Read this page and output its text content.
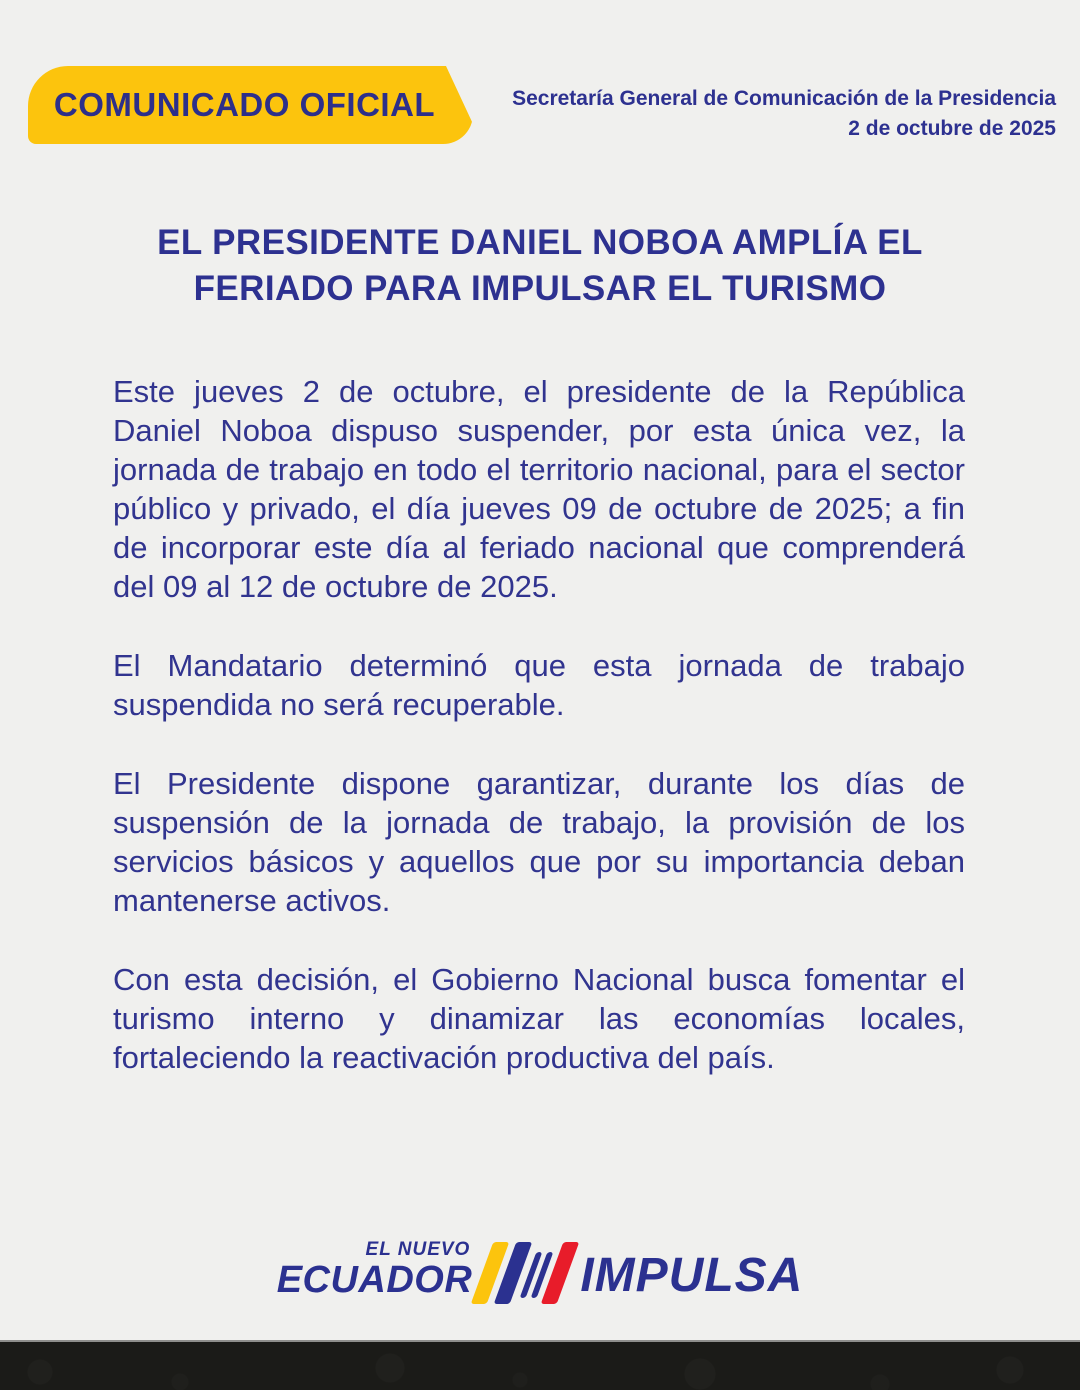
COMUNICADO OFICIAL	Secretaría General de Comunicación de la Presidencia
2 de octubre de 2025
EL PRESIDENTE DANIEL NOBOA AMPLÍA EL
FERIADO PARA IMPULSAR EL TURISMO

Este jueves 2 de octubre, el presidente de la República Daniel Noboa dispuso suspender, por esta única vez, la jornada de trabajo en todo el territorio nacional, para el sector público y privado, el día jueves 09 de octubre de 2025; a fin de incorporar este día al feriado nacional que comprenderá del 09 al 12 de octubre de 2025.

El Mandatario determinó que esta jornada de trabajo suspendida no será recuperable.

El Presidente dispone garantizar, durante los días de suspensión de la jornada de trabajo, la provisión de los servicios básicos y aquellos que por su importancia deban mantenerse activos.

Con esta decisión, el Gobierno Nacional busca fomentar el turismo interno y dinamizar las economías locales, fortaleciendo la reactivación productiva del país.

EL NUEVO
ECUADOR IMPULSA
